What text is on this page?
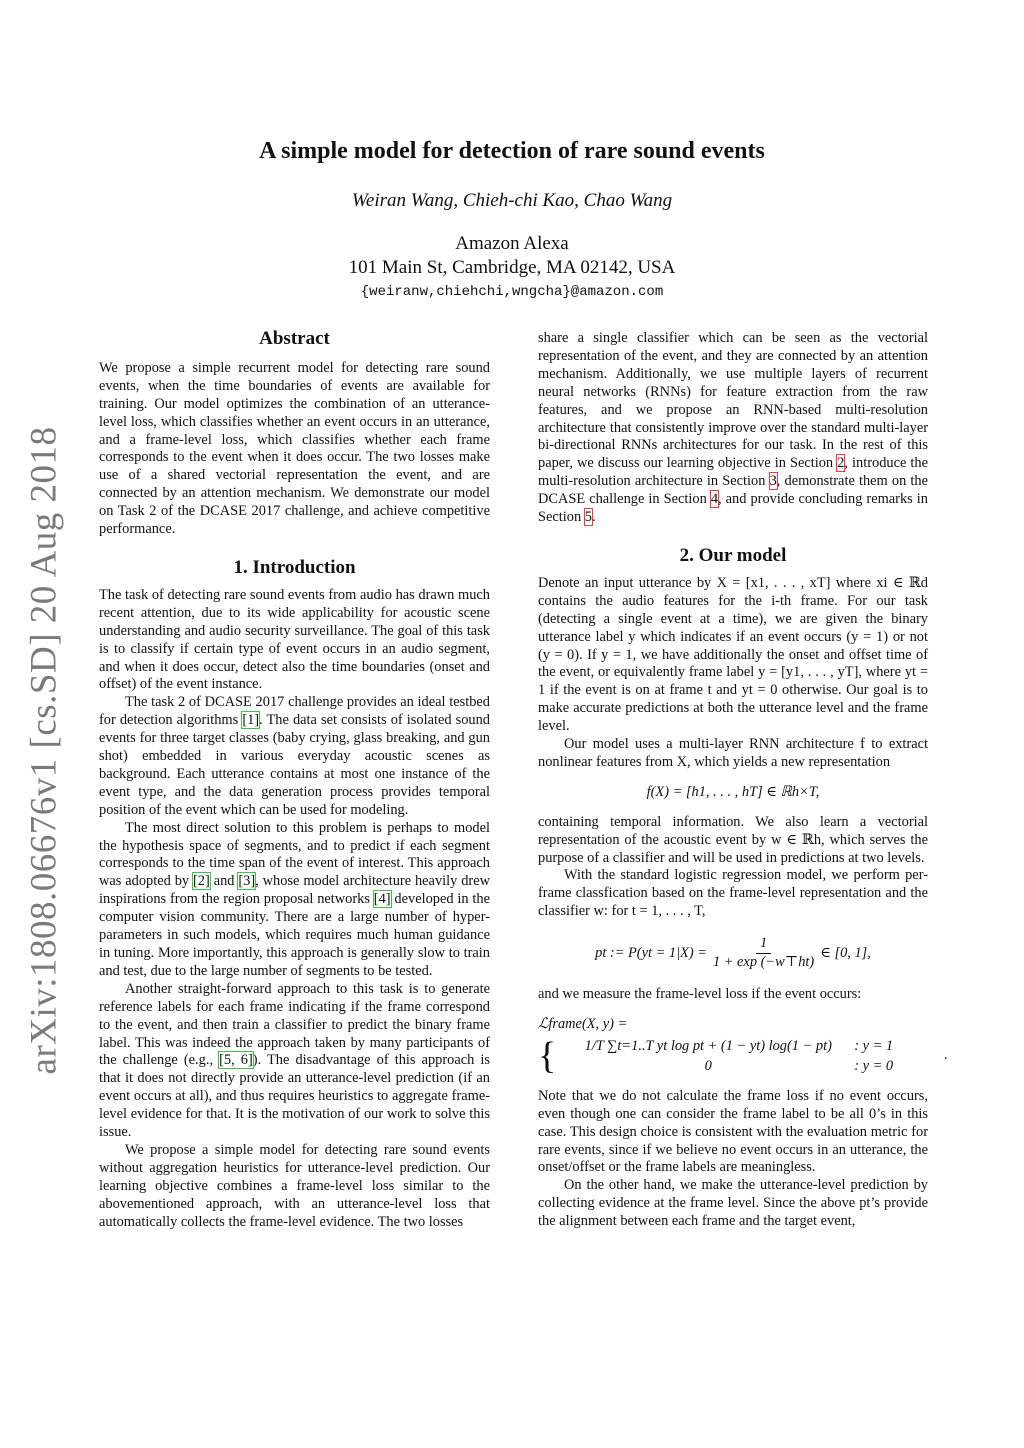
arXiv:1808.06676v1 [cs.SD] 20 Aug 2018
A simple model for detection of rare sound events
Weiran Wang, Chieh-chi Kao, Chao Wang
Amazon Alexa
101 Main St, Cambridge, MA 02142, USA
{weiranw,chiehchi,wngcha}@amazon.com
Abstract

We propose a simple recurrent model for detecting rare sound events, when the time boundaries of events are available for training. Our model optimizes the combination of an utterance-level loss, which classifies whether an event occurs in an utterance, and a frame-level loss, which classifies whether each frame corresponds to the event when it does occur. The two losses make use of a shared vectorial representation the event, and are connected by an attention mechanism. We demonstrate our model on Task 2 of the DCASE 2017 challenge, and achieve competitive performance.

1. Introduction

The task of detecting rare sound events from audio has drawn much recent attention, due to its wide applicability for acoustic scene understanding and audio security surveillance. The goal of this task is to classify if certain type of event occurs in an audio segment, and when it does occur, detect also the time boundaries (onset and offset) of the event instance.

The task 2 of DCASE 2017 challenge provides an ideal testbed for detection algorithms [1]. The data set consists of isolated sound events for three target classes (baby crying, glass breaking, and gun shot) embedded in various everyday acoustic scenes as background. Each utterance contains at most one instance of the event type, and the data generation process provides temporal position of the event which can be used for modeling.

The most direct solution to this problem is perhaps to model the hypothesis space of segments, and to predict if each segment corresponds to the time span of the event of interest. This approach was adopted by [2] and [3], whose model architecture heavily drew inspirations from the region proposal networks [4] developed in the computer vision community. There are a large number of hyper-parameters in such models, which requires much human guidance in tuning. More importantly, this approach is generally slow to train and test, due to the large number of segments to be tested.

Another straight-forward approach to this task is to generate reference labels for each frame indicating if the frame correspond to the event, and then train a classifier to predict the binary frame label. This was indeed the approach taken by many participants of the challenge (e.g., [5, 6]). The disadvantage of this approach is that it does not directly provide an utterance-level prediction (if an event occurs at all), and thus requires heuristics to aggregate frame-level evidence for that. It is the motivation of our work to solve this issue.

We propose a simple model for detecting rare sound events without aggregation heuristics for utterance-level prediction. Our learning objective combines a frame-level loss similar to the abovementioned approach, with an utterance-level loss that automatically collects the frame-level evidence. The two losses

share a single classifier which can be seen as the vectorial representation of the event, and they are connected by an attention mechanism. Additionally, we use multiple layers of recurrent neural networks (RNNs) for feature extraction from the raw features, and we propose an RNN-based multi-resolution architecture that consistently improve over the standard multi-layer bi-directional RNNs architectures for our task. In the rest of this paper, we discuss our learning objective in Section 2, introduce the multi-resolution architecture in Section 3, demonstrate them on the DCASE challenge in Section 4, and provide concluding remarks in Section 5.

2. Our model

Denote an input utterance by X = [x1, . . . , xT] where xi ∈ ℝd contains the audio features for the i-th frame. For our task (detecting a single event at a time), we are given the binary utterance label y which indicates if an event occurs (y = 1) or not (y = 0). If y = 1, we have additionally the onset and offset time of the event, or equivalently frame label y = [y1, . . . , yT], where yt = 1 if the event is on at frame t and yt = 0 otherwise. Our goal is to make accurate predictions at both the utterance level and the frame level.

Our model uses a multi-layer RNN architecture f to extract nonlinear features from X, which yields a new representation

f(X) = [h1, . . . , hT] ∈ ℝh×T,

containing temporal information. We also learn a vectorial representation of the acoustic event by w ∈ ℝh, which serves the purpose of a classifier and will be used in predictions at two levels.

With the standard logistic regression model, we perform per-frame classfication based on the frame-level representation and the classifier w: for t = 1, . . . , T,

pt := $P(yt = 1|X) = \frac{1}{1 + \exp (-w⊤ht)}$ ∈ [0, 1],

and we measure the frame-level loss if the event occurs:

ℒframe(X, y) =
{	1/T ∑t=1..T yt log pt + (1 − yt) log(1 − pt)	: y = 1
0	: y = 0
.

Note that we do not calculate the frame loss if no event occurs, even though one can consider the frame label to be all 0’s in this case. This design choice is consistent with the evaluation metric for rare events, since if we believe no event occurs in an utterance, the onset/offset or the frame labels are meaningless.

On the other hand, we make the utterance-level prediction by collecting evidence at the frame level. Since the above pt’s provide the alignment between each frame and the target event,
